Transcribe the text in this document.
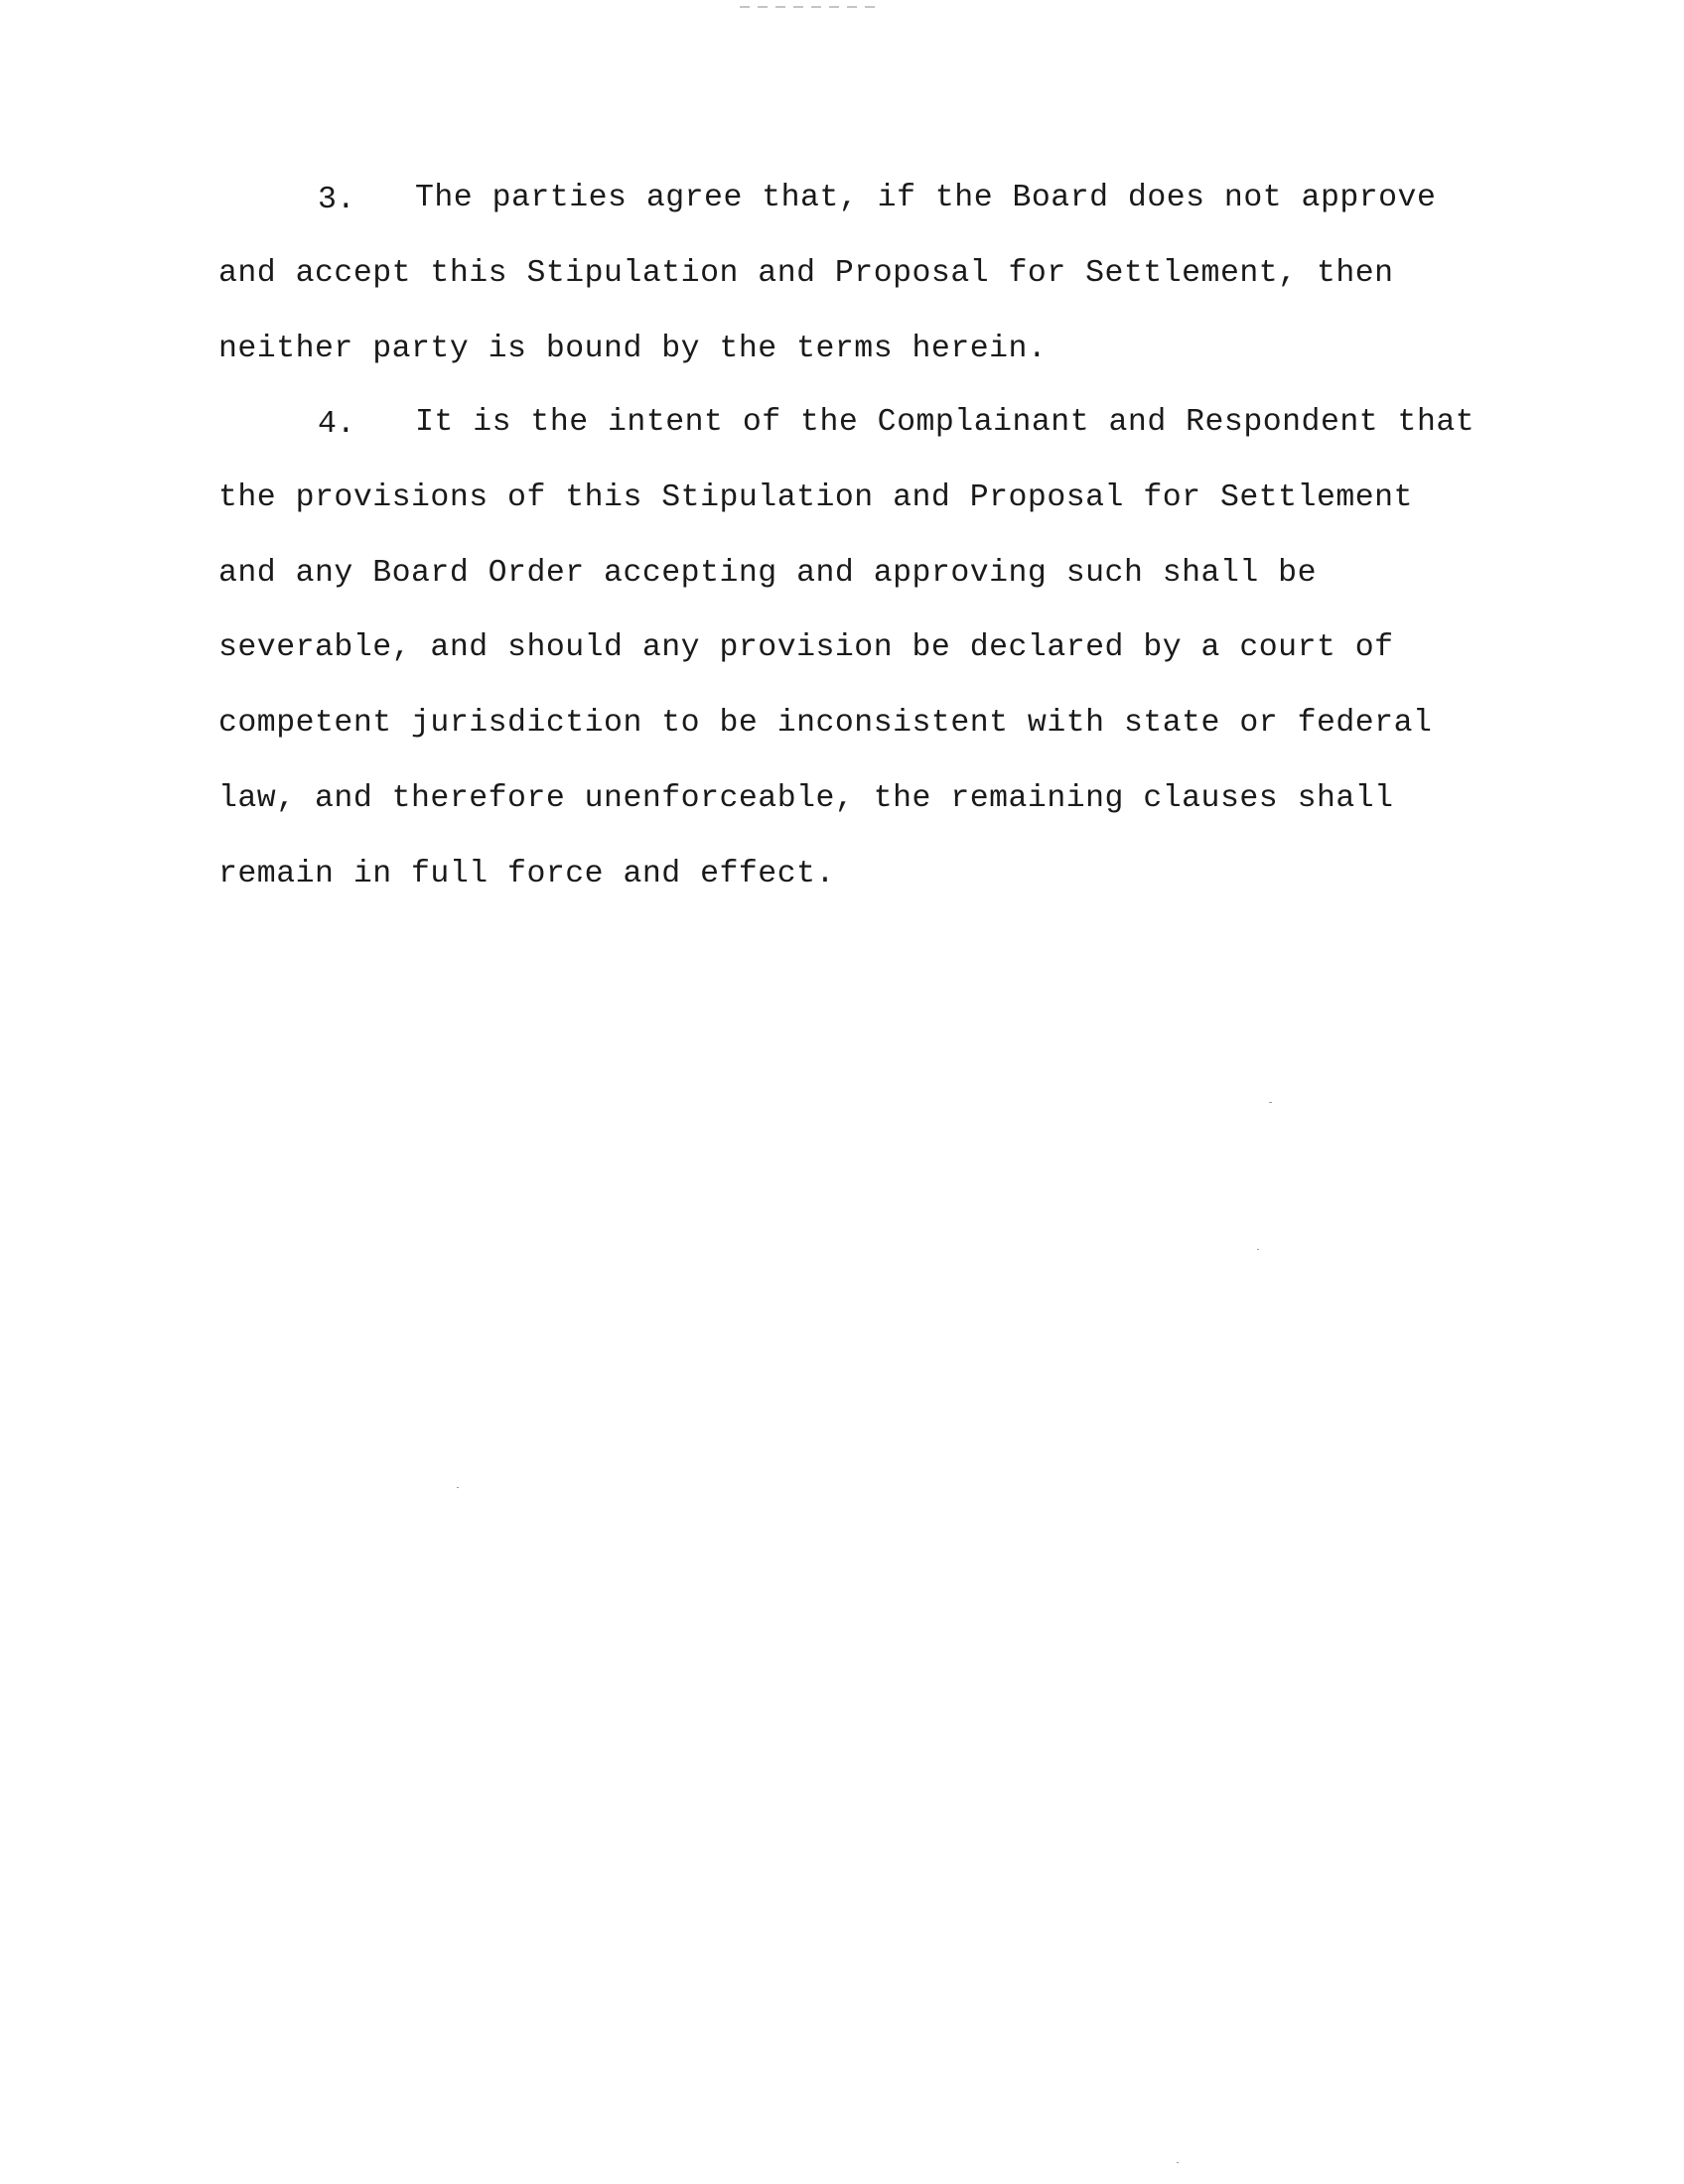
3. The parties agree that, if the Board does not approve
and accept this Stipulation and Proposal for Settlement, then
neither party is bound by the terms herein.
4. It is the intent of the Complainant and Respondent that
the provisions of this Stipulation and Proposal for Settlement
and any Board Order accepting and approving such shall be
severable, and should any provision be declared by a court of
competent jurisdiction to be inconsistent with state or federal
law, and therefore unenforceable, the remaining clauses shall
remain in full force and effect.
